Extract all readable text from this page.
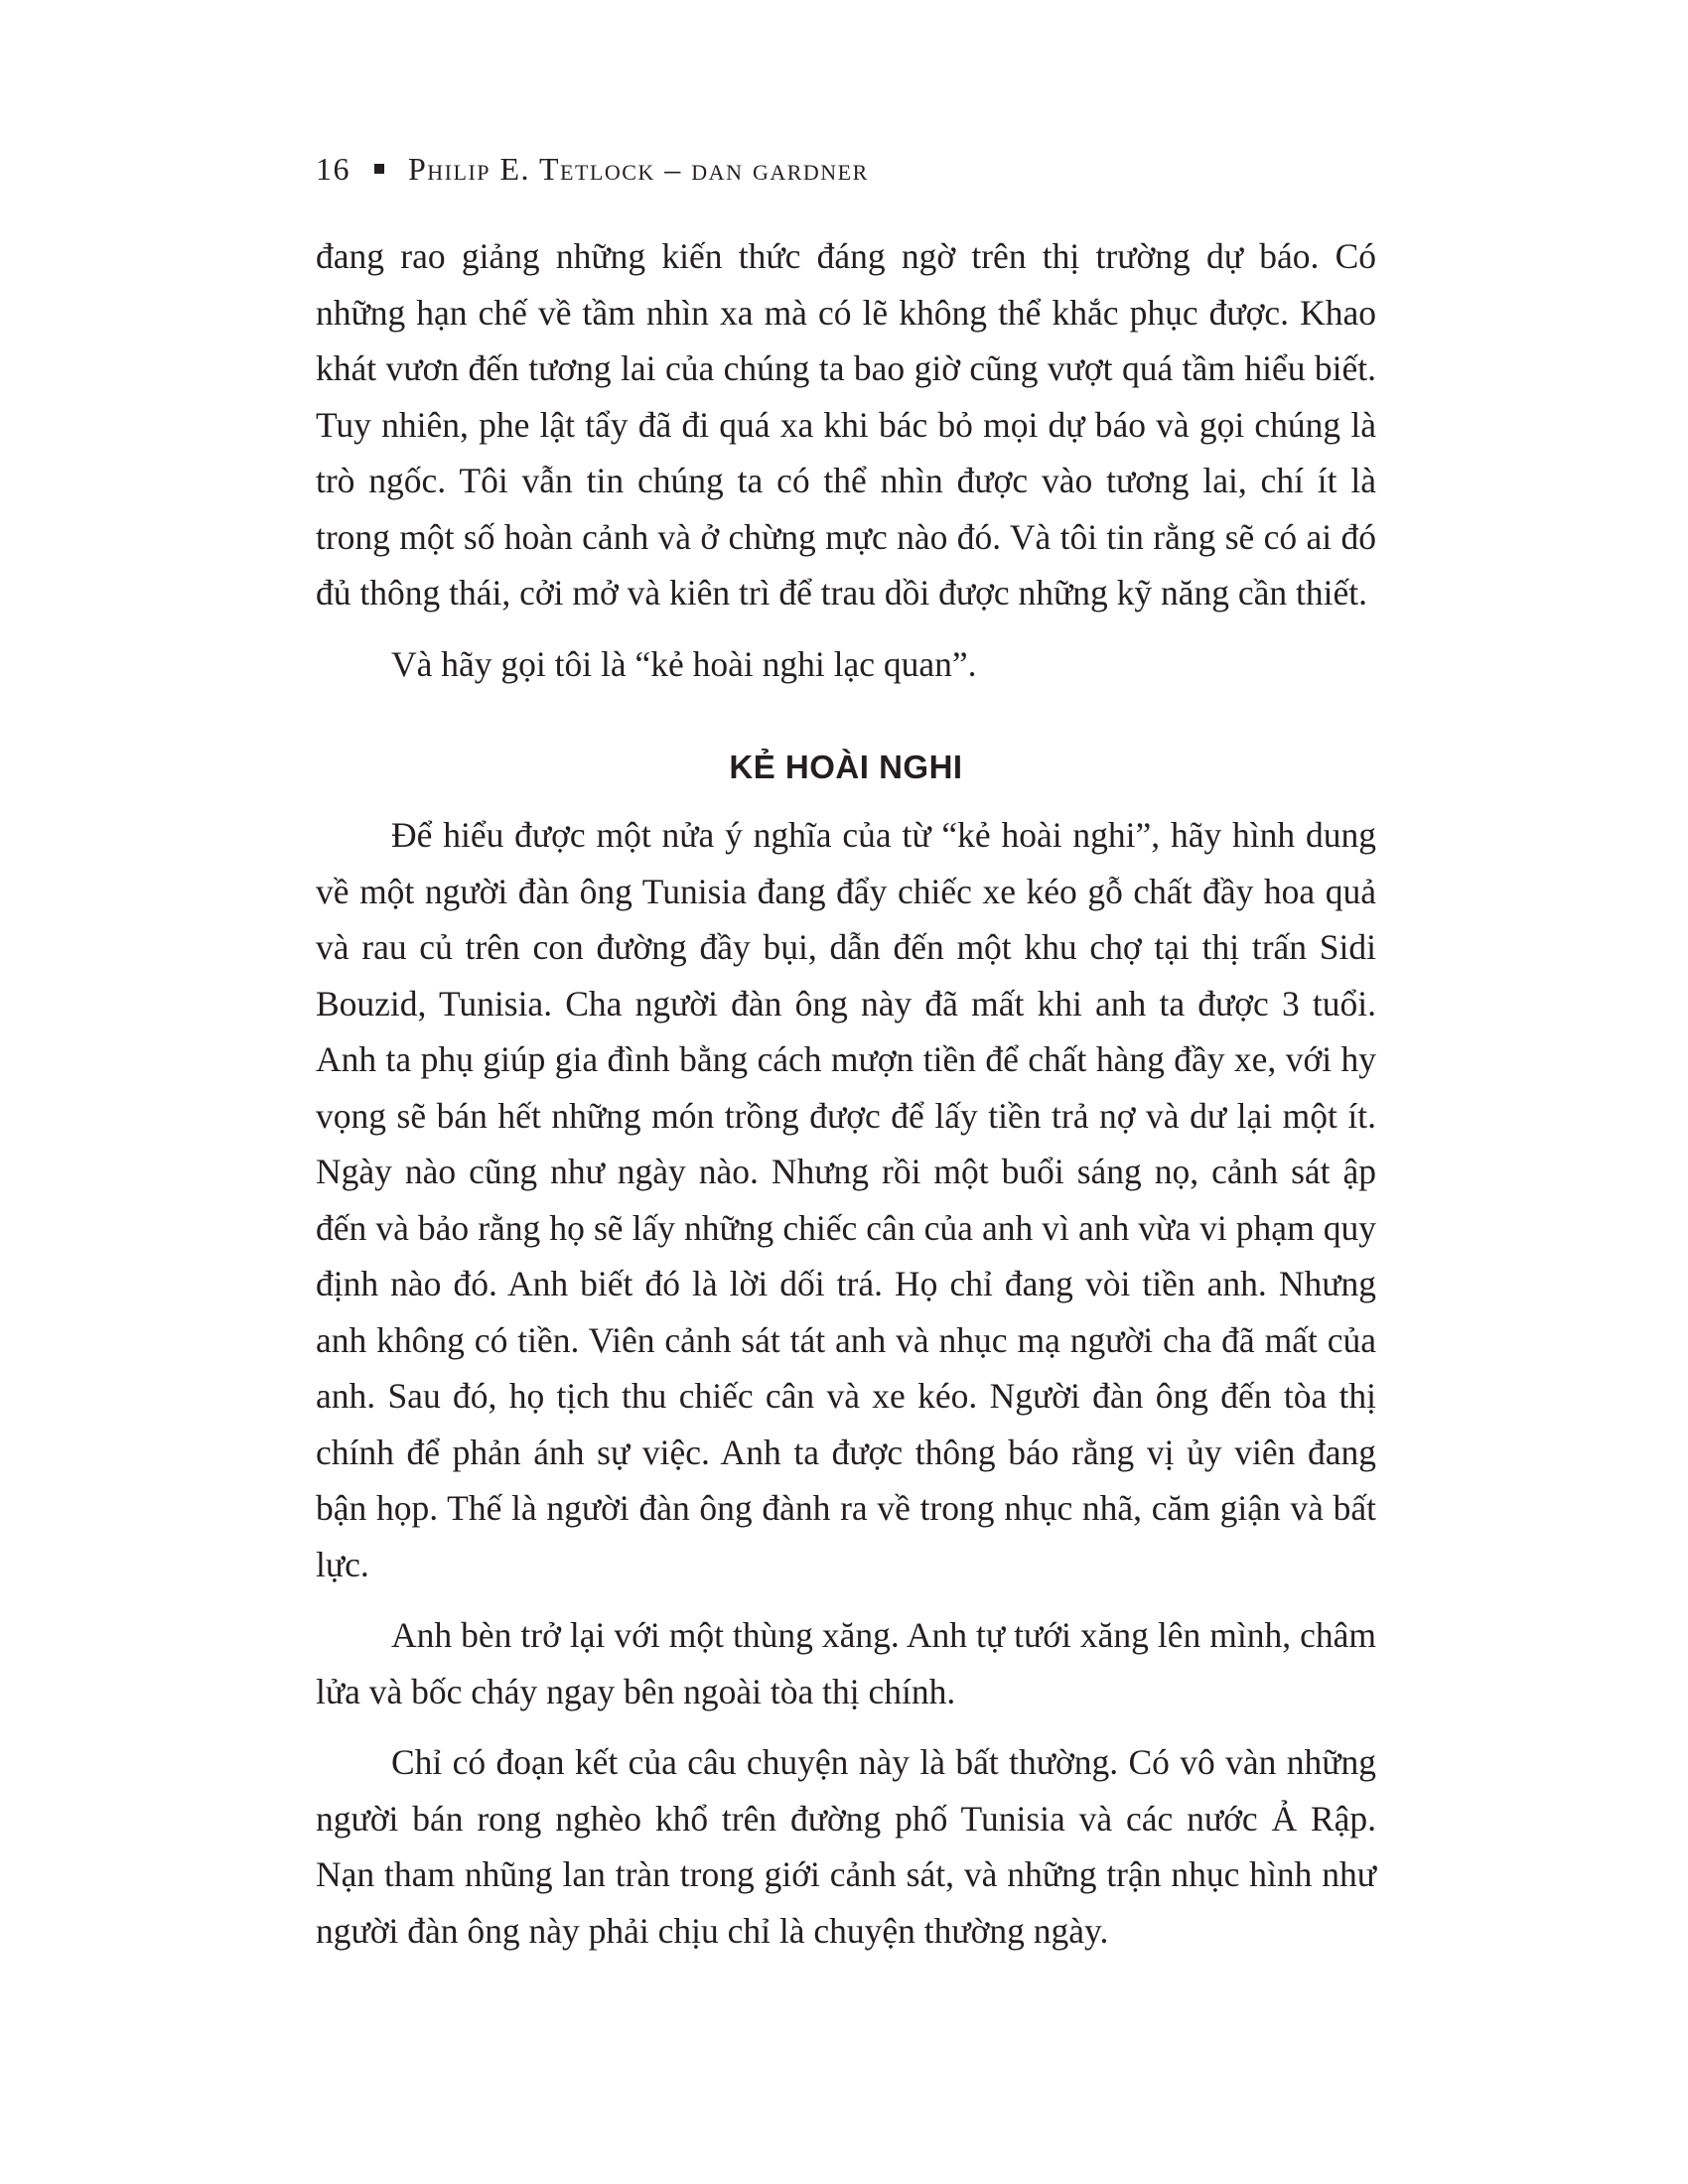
16 Philip E. Tetlock – dan gardner

đang rao giảng những kiến thức đáng ngờ trên thị trường dự báo. Có những hạn chế về tầm nhìn xa mà có lẽ không thể khắc phục được. Khao khát vươn đến tương lai của chúng ta bao giờ cũng vượt quá tầm hiểu biết. Tuy nhiên, phe lật tẩy đã đi quá xa khi bác bỏ mọi dự báo và gọi chúng là trò ngốc. Tôi vẫn tin chúng ta có thể nhìn được vào tương lai, chí ít là trong một số hoàn cảnh và ở chừng mực nào đó. Và tôi tin rằng sẽ có ai đó đủ thông thái, cởi mở và kiên trì để trau dồi được những kỹ năng cần thiết.

Và hãy gọi tôi là “kẻ hoài nghi lạc quan”.

KẺ HOÀI NGHI

Để hiểu được một nửa ý nghĩa của từ “kẻ hoài nghi”, hãy hình dung về một người đàn ông Tunisia đang đẩy chiếc xe kéo gỗ chất đầy hoa quả và rau củ trên con đường đầy bụi, dẫn đến một khu chợ tại thị trấn Sidi Bouzid, Tunisia. Cha người đàn ông này đã mất khi anh ta được 3 tuổi. Anh ta phụ giúp gia đình bằng cách mượn tiền để chất hàng đầy xe, với hy vọng sẽ bán hết những món trồng được để lấy tiền trả nợ và dư lại một ít. Ngày nào cũng như ngày nào. Nhưng rồi một buổi sáng nọ, cảnh sát ập đến và bảo rằng họ sẽ lấy những chiếc cân của anh vì anh vừa vi phạm quy định nào đó. Anh biết đó là lời dối trá. Họ chỉ đang vòi tiền anh. Nhưng anh không có tiền. Viên cảnh sát tát anh và nhục mạ người cha đã mất của anh. Sau đó, họ tịch thu chiếc cân và xe kéo. Người đàn ông đến tòa thị chính để phản ánh sự việc. Anh ta được thông báo rằng vị ủy viên đang bận họp. Thế là người đàn ông đành ra về trong nhục nhã, căm giận và bất lực.

Anh bèn trở lại với một thùng xăng. Anh tự tưới xăng lên mình, châm lửa và bốc cháy ngay bên ngoài tòa thị chính.

Chỉ có đoạn kết của câu chuyện này là bất thường. Có vô vàn những người bán rong nghèo khổ trên đường phố Tunisia và các nước Ả Rập. Nạn tham nhũng lan tràn trong giới cảnh sát, và những trận nhục hình như người đàn ông này phải chịu chỉ là chuyện thường ngày.
